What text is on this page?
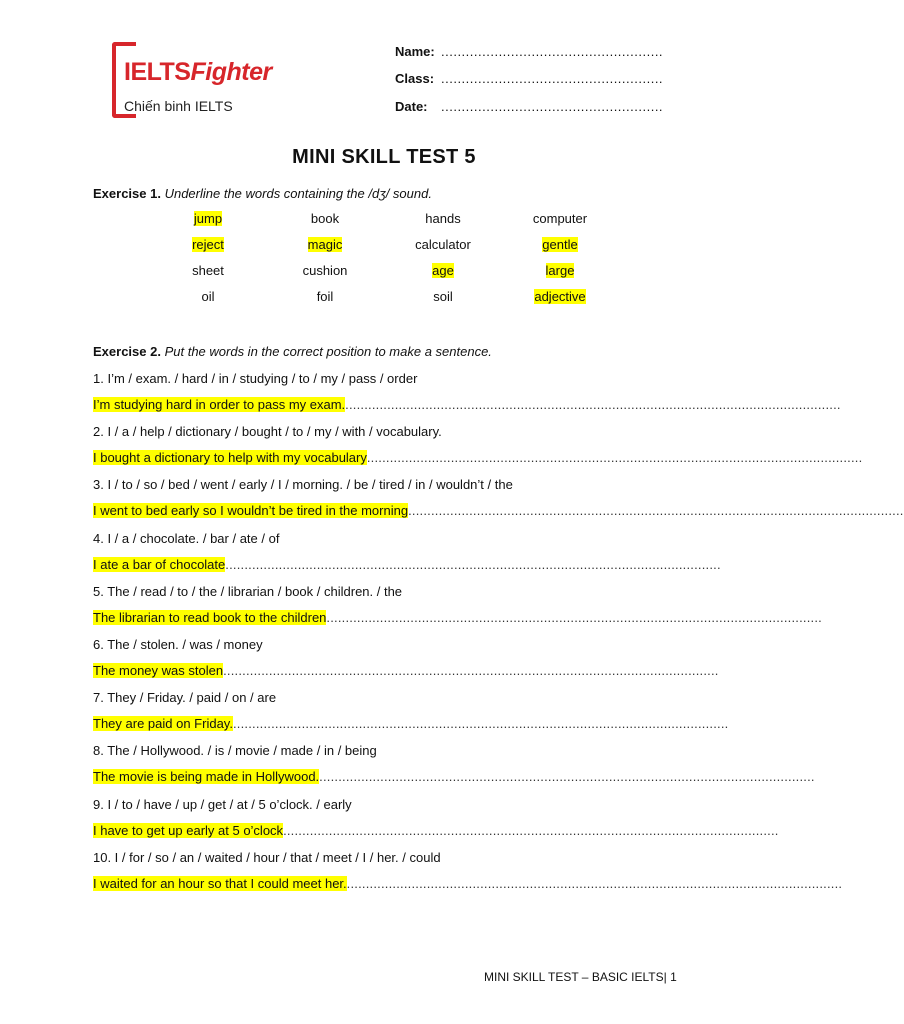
IELTSFighter
Chiến binh IELTS
Name: ......................................................
Class: ......................................................
Date: ......................................................
MINI SKILL TEST 5
Exercise 1. Underline the words containing the /dʒ/ sound.
jump	book	hands	computer
reject	magic	calculator	gentle
sheet	cushion	age	large
oil	foil	soil	adjective
Exercise 2. Put the words in the correct position to make a sentence.
1. I’m / exam. / hard / in / studying / to / my / pass / order
I’m studying hard in order to pass my exam...................................................................................................................................
2. I / a / help / dictionary / bought / to / my / with / vocabulary.
I bought a dictionary to help with my vocabulary..................................................................................................................................
3. I / to / so / bed / went / early / I / morning. / be / tired / in / wouldn’t / the
I went to bed early so I wouldn’t be tired in the morning..................................................................................................................................
4. I / a / chocolate. / bar / ate / of
I ate a bar of chocolate..................................................................................................................................
5. The / read / to / the / librarian / book / children. / the
The librarian to read book to the children..................................................................................................................................
6. The / stolen. / was / money
The money was stolen..................................................................................................................................
7. They / Friday. / paid / on / are
They are paid on Friday...................................................................................................................................
8. The / Hollywood. / is / movie / made / in / being
The movie is being made in Hollywood...................................................................................................................................
9. I / to / have / up / get / at / 5 o’clock. / early
I have to get up early at 5 o’clock..................................................................................................................................
10. I / for / so / an / waited / hour / that / meet / I / her. / could
I waited for an hour so that I could meet her...................................................................................................................................
MINI SKILL TEST – BASIC IELTS| 1
